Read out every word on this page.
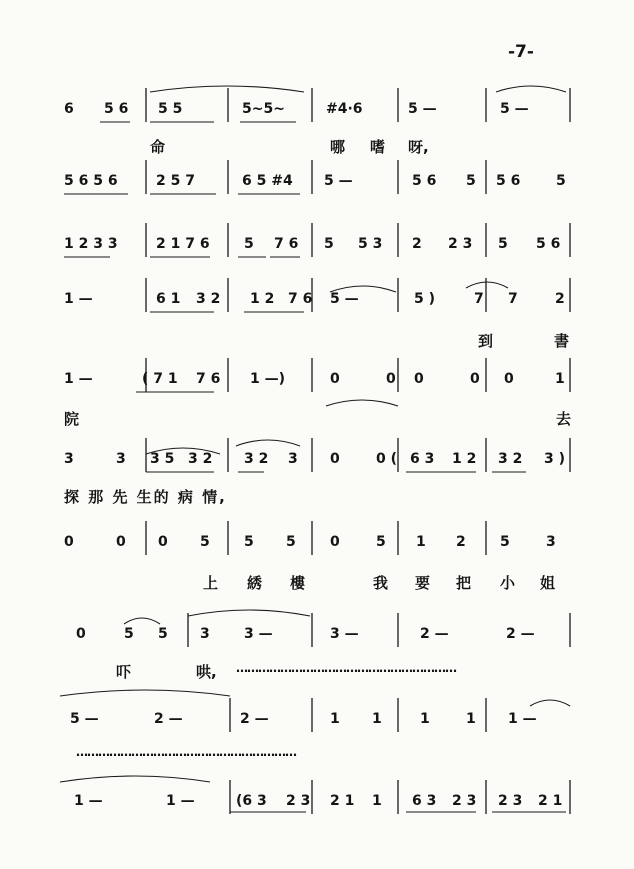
-7-
6 5 6 5 5	5~5~	#4·6	5 —	5 —
命	哪 嗜 呀,
5 6 5 6	2 5 7	6 5 #4 5 —	5 6 5 5 6	5
1 2 3 3	2 1 7 6 5 7 6 5 5 3 2 2 3 5 5 6
1 —	6 1 3 2 1 2 7 6 5 —	5 )	7 7	2
到	書
1 —	( 7 1 7 6 1 —)	0	0 0	0 0	1
院	去
3	3 3 5 3 2 3 2 3 0	0 ( 6 3 1 2 3 2 3 )
探 那 先 生的 病 情,
0	0 0 5 5 5 0	5 1 2 5	3
上 綉 樓	我 要 把 小 姐
0	5 5 3 3 —	3 —	2 —	2 —
吓	哄, ……………………………………………………
5 —	2 —	2 —	1 1	1	1 1 —
……………………………………………………
1 —	1 —	(6 3 2 3 2 1 1 6 3 2 3 2 3 2 1
